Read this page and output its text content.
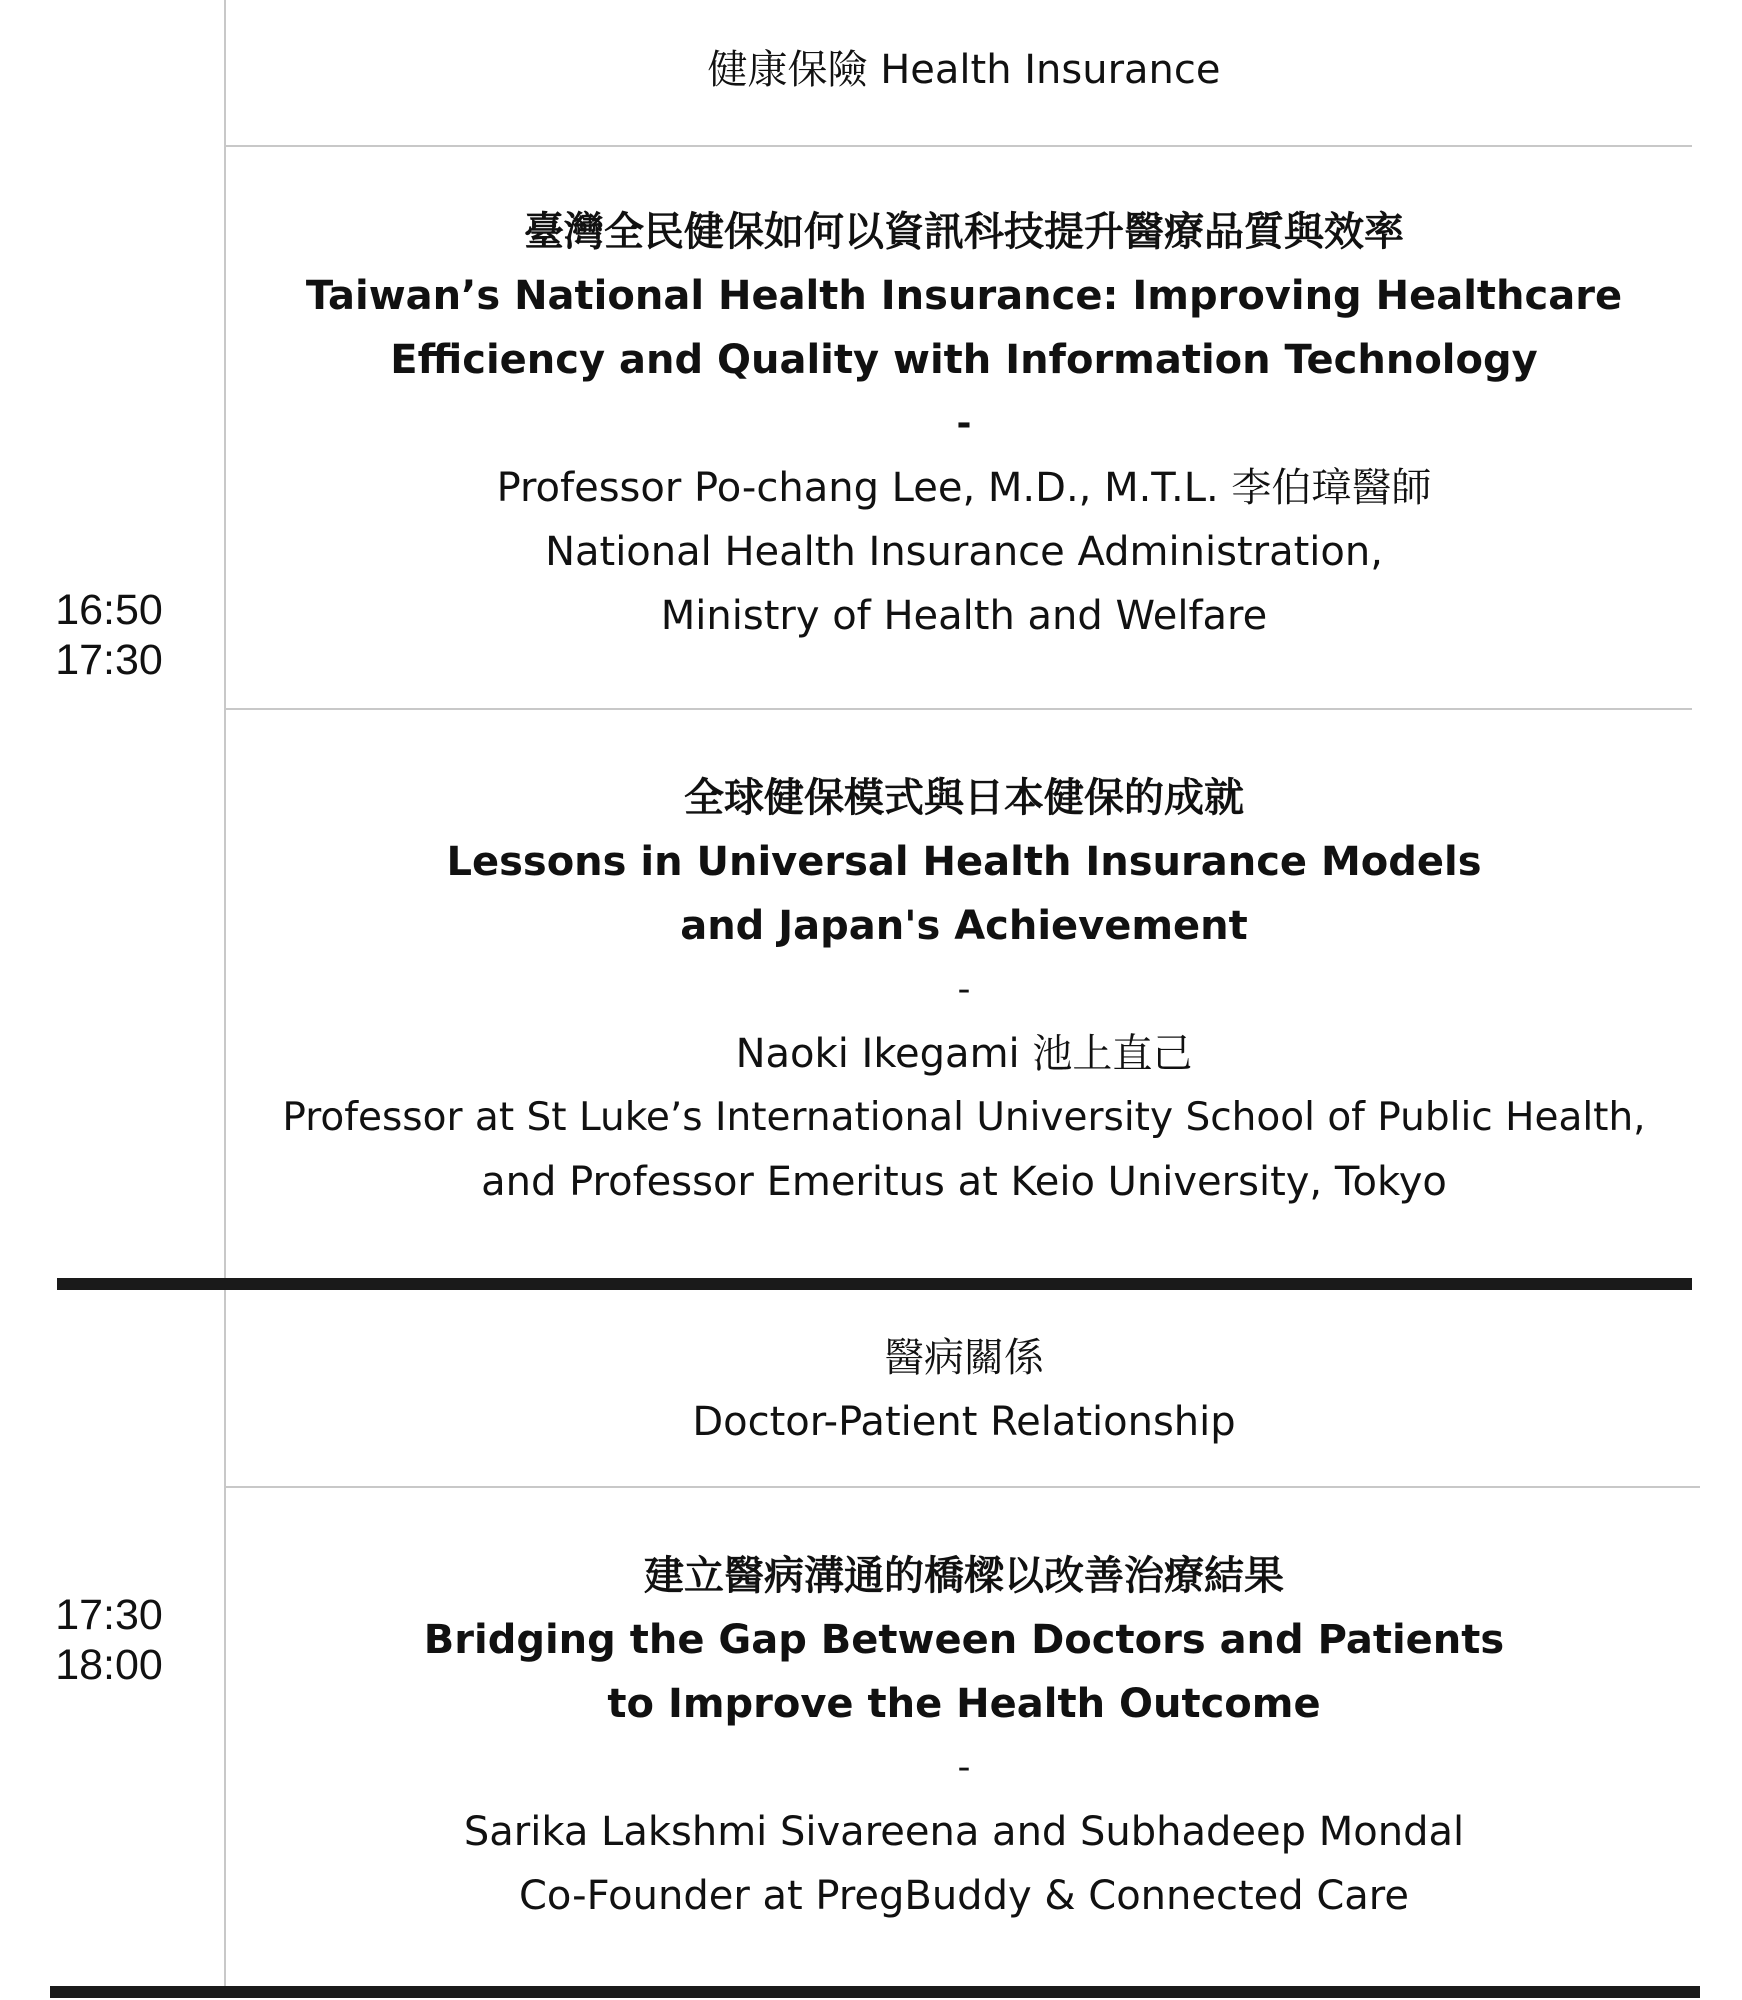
16:50
17:30
健康保險 Health Insurance
臺灣全民健保如何以資訊科技提升醫療品質與效率
Taiwan’s National Health Insurance: Improving Healthcare
Efficiency and Quality with Information Technology
-
Professor Po-chang Lee, M.D., M.T.L. 李伯璋醫師
National Health Insurance Administration,
Ministry of Health and Welfare
全球健保模式與日本健保的成就
Lessons in Universal Health Insurance Models
and Japan's Achievement
-
Naoki Ikegami 池上直己
Professor at St Luke’s International University School of Public Health,
and Professor Emeritus at Keio University, Tokyo
17:30
18:00
醫病關係
Doctor-Patient Relationship
建立醫病溝通的橋樑以改善治療結果
Bridging the Gap Between Doctors and Patients
to Improve the Health Outcome
-
Sarika Lakshmi Sivareena and Subhadeep Mondal
Co-Founder at PregBuddy & Connected Care
